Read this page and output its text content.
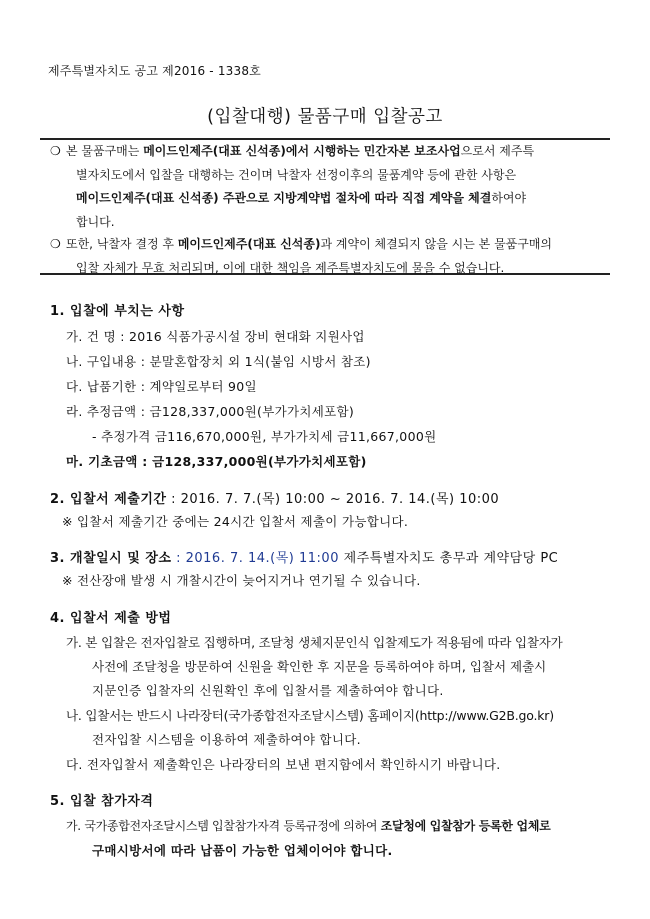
제주특별자치도 공고 제2016 - 1338호
(입찰대행) 물품구매 입찰공고

❍ 본 물품구매는 메이드인제주(대표 신석종)에서 시행하는 민간자본 보조사업으로서 제주특

별자치도에서 입찰을 대행하는 건이며 낙찰자 선정이후의 물품계약 등에 관한 사항은
메이드인제주(대표 신석종) 주관으로 지방계약법 절차에 따라 직접 계약을 체결하여야
합니다.

❍ 또한, 낙찰자 결정 후 메이드인제주(대표 신석종)과 계약이 체결되지 않을 시는 본 물품구매의

입찰 자체가 무효 처리되며, 이에 대한 책임을 제주특별자치도에 물을 수 없습니다.

1. 입찰에 부치는 사항
가. 건 명 : 2016 식품가공시설 장비 현대화 지원사업
나. 구입내용 : 분말혼합장치 외 1식(붙임 시방서 참조)
다. 납품기한 : 계약일로부터 90일
라. 추정금액 : 금128,337,000원(부가가치세포함)
- 추정가격 금116,670,000원, 부가가치세 금11,667,000원
마. 기초금액 : 금128,337,000원(부가가치세포함)
2. 입찰서 제출기간 : 2016. 7. 7.(목) 10:00 ~ 2016. 7. 14.(목) 10:00
※ 입찰서 제출기간 중에는 24시간 입찰서 제출이 가능합니다.
3. 개찰일시 및 장소 : 2016. 7. 14.(목) 11:00 제주특별자치도 총무과 계약담당 PC
※ 전산장애 발생 시 개찰시간이 늦어지거나 연기될 수 있습니다.
4. 입찰서 제출 방법
가. 본 입찰은 전자입찰로 집행하며, 조달청 생체지문인식 입찰제도가 적용됨에 따라 입찰자가
사전에 조달청을 방문하여 신원을 확인한 후 지문을 등록하여야 하며, 입찰서 제출시
지문인증 입찰자의 신원확인 후에 입찰서를 제출하여야 합니다.
나. 입찰서는 반드시 나라장터(국가종합전자조달시스템) 홈페이지(http://www.G2B.go.kr)
전자입찰 시스템을 이용하여 제출하여야 합니다.
다. 전자입찰서 제출확인은 나라장터의 보낸 편지함에서 확인하시기 바랍니다.
5. 입찰 참가자격
가. 국가종합전자조달시스템 입찰참가자격 등록규정에 의하여 조달청에 입찰참가 등록한 업체로
구매시방서에 따라 납품이 가능한 업체이어야 합니다.
